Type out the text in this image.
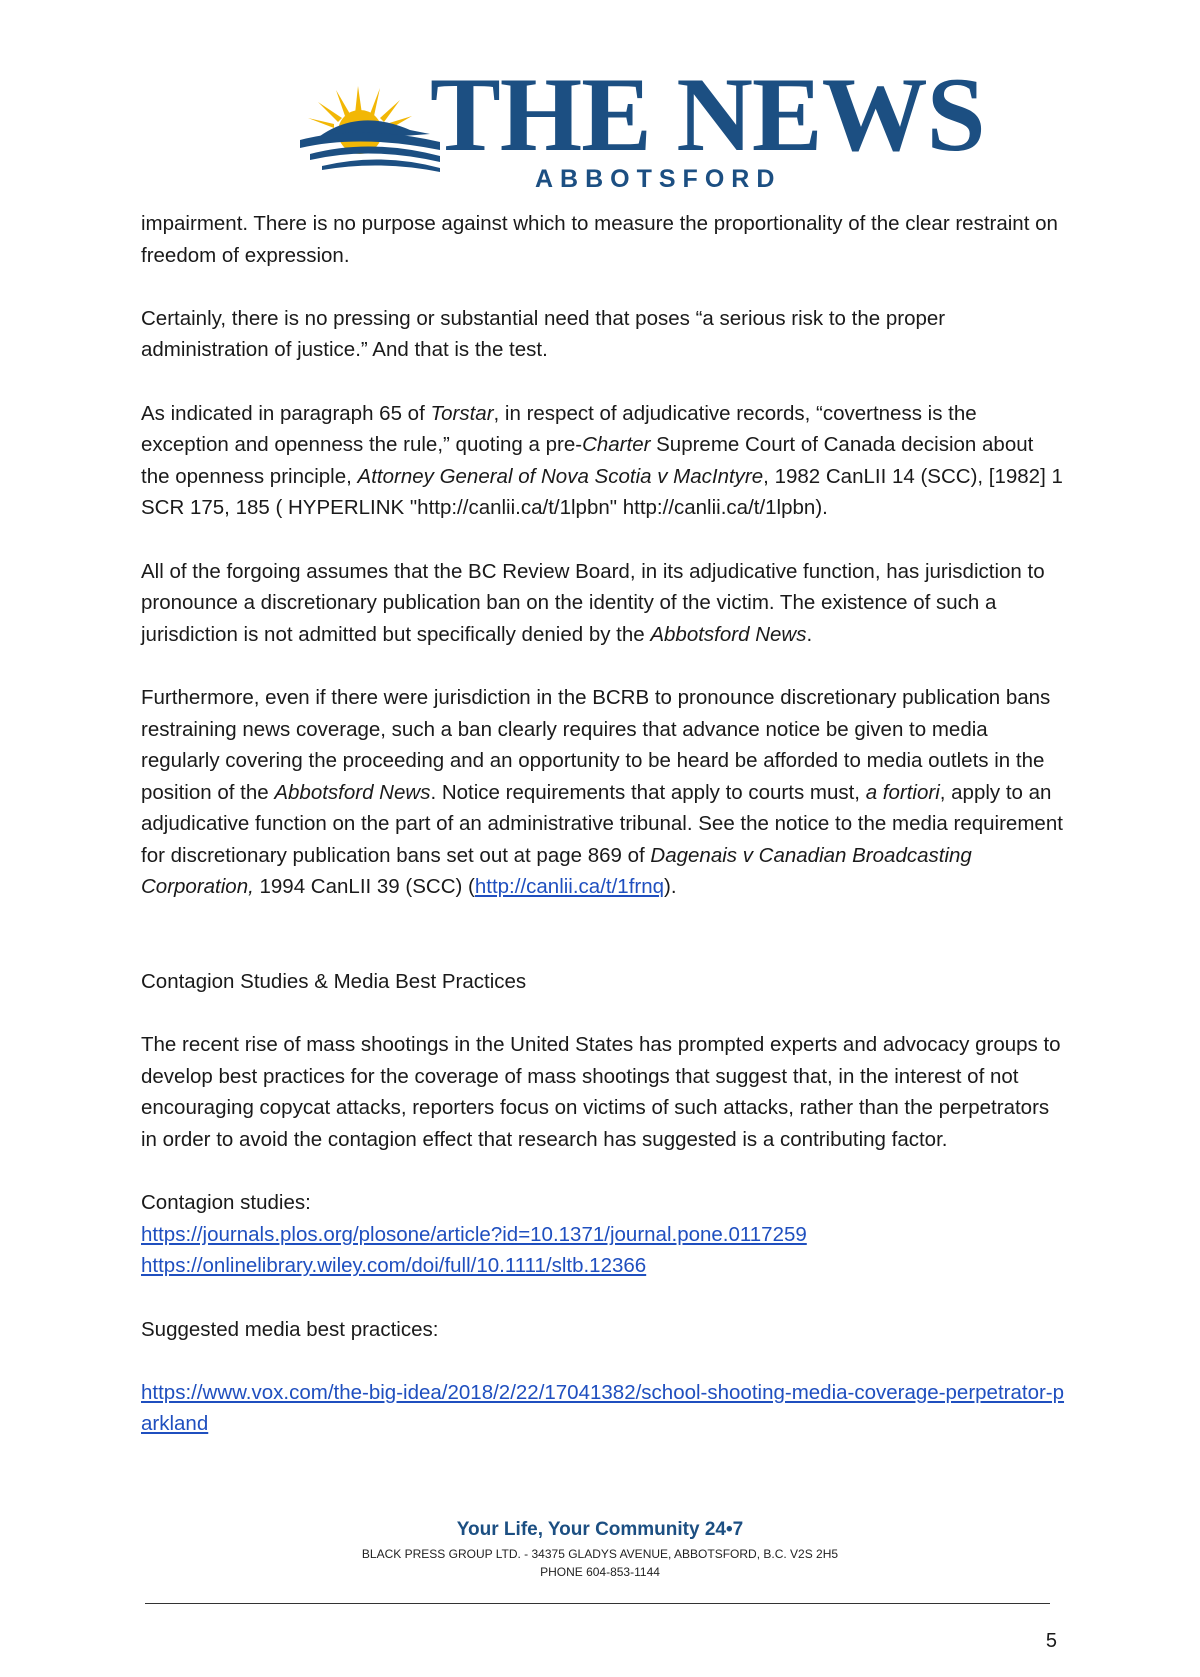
THE NEWS
ABBOTSFORD

impairment. There is no purpose against which to measure the proportionality of the clear restraint on freedom of expression.

Certainly, there is no pressing or substantial need that poses “a serious risk to the proper administration of justice.” And that is the test.

As indicated in paragraph 65 of Torstar, in respect of adjudicative records, “covertness is the exception and openness the rule,” quoting a pre-Charter Supreme Court of Canada decision about the openness principle, Attorney General of Nova Scotia v MacIntyre, 1982 CanLII 14 (SCC), [1982] 1 SCR 175, 185 ( HYPERLINK "http://canlii.ca/t/1lpbn" http://canlii.ca/t/1lpbn).

All of the forgoing assumes that the BC Review Board, in its adjudicative function, has jurisdiction to pronounce a discretionary publication ban on the identity of the victim. The existence of such a jurisdiction is not admitted but specifically denied by the Abbotsford News.

Furthermore, even if there were jurisdiction in the BCRB to pronounce discretionary publication bans restraining news coverage, such a ban clearly requires that advance notice be given to media regularly covering the proceeding and an opportunity to be heard be afforded to media outlets in the position of the Abbotsford News. Notice requirements that apply to courts must, a fortiori, apply to an adjudicative function on the part of an administrative tribunal. See the notice to the media requirement for discretionary publication bans set out at page 869 of Dagenais v Canadian Broadcasting Corporation, 1994 CanLII 39 (SCC) (http://canlii.ca/t/1frnq).

Contagion Studies & Media Best Practices

The recent rise of mass shootings in the United States has prompted experts and advocacy groups to develop best practices for the coverage of mass shootings that suggest that, in the interest of not encouraging copycat attacks, reporters focus on victims of such attacks, rather than the perpetrators in order to avoid the contagion effect that research has suggested is a contributing factor.

Contagion studies:
https://journals.plos.org/plosone/article?id=10.1371/journal.pone.0117259
https://onlinelibrary.wiley.com/doi/full/10.1111/sltb.12366

Suggested media best practices:

https://www.vox.com/the-big-idea/2018/2/22/17041382/school-shooting-media-coverage-perpetrator-parkland

Your Life, Your Community 24•7
BLACK PRESS GROUP LTD. - 34375 GLADYS AVENUE, ABBOTSFORD, B.C. V2S 2H5
PHONE 604-853-1144
5
